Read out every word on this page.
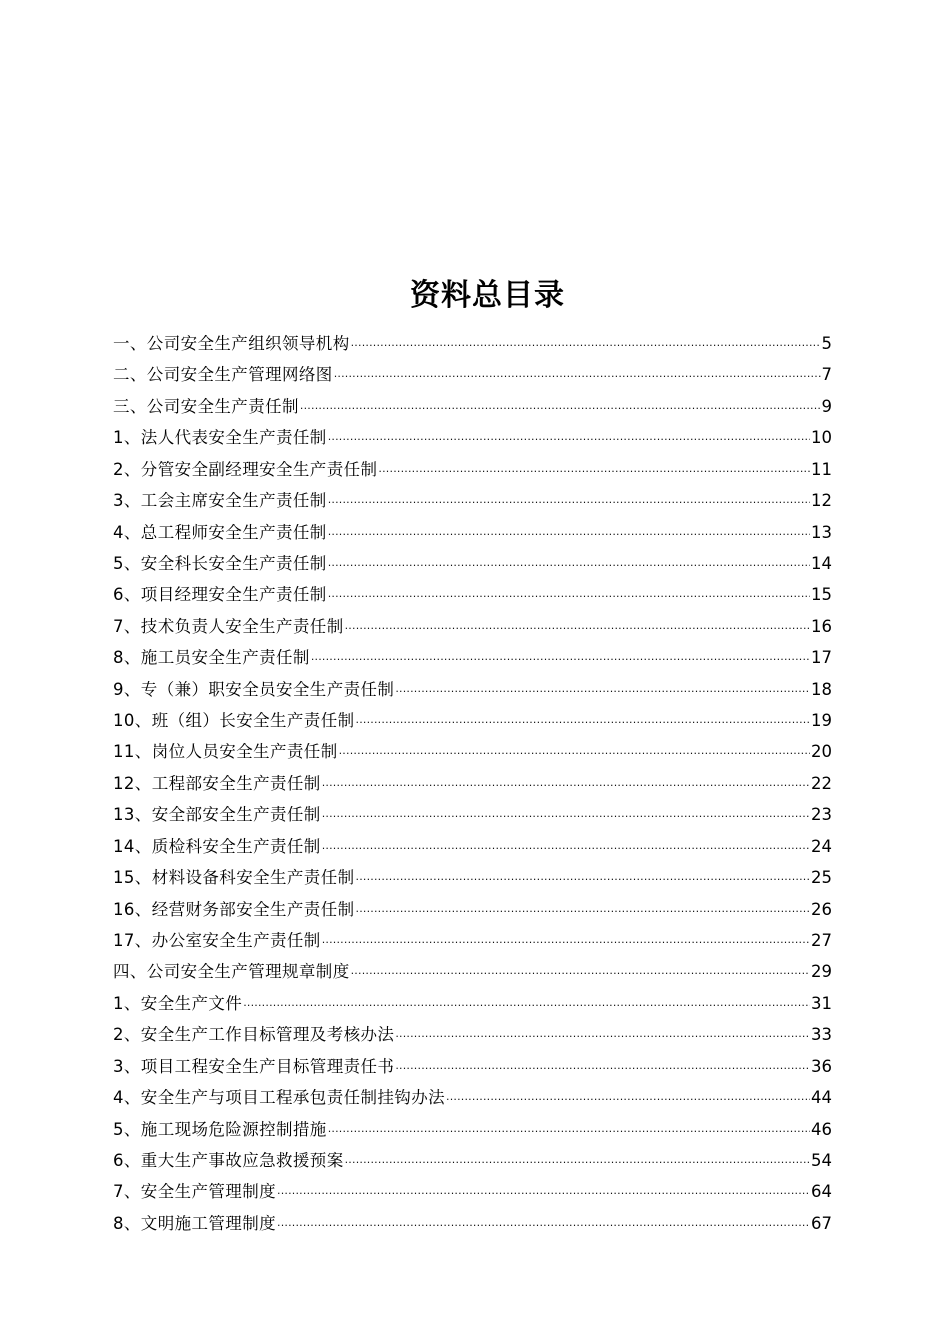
资料总目录
一、公司安全生产组织领导机构 ·····	5
二、公司安全生产管理网络图 ·····	7
三、公司安全生产责任制 ·····	9
1、法人代表安全生产责任制 ·····	10
2、分管安全副经理安全生产责任制 ·····	11
3、工会主席安全生产责任制 ·····	12
4、总工程师安全生产责任制 ·····	13
5、安全科长安全生产责任制 ·····	14
6、项目经理安全生产责任制 ·····	15
7、技术负责人安全生产责任制 ·····	16
8、施工员安全生产责任制 ·····	17
9、专（兼）职安全员安全生产责任制 ·····	18
10、班（组）长安全生产责任制 ·····	19
11、岗位人员安全生产责任制 ·····	20
12、工程部安全生产责任制 ·····	22
13、安全部安全生产责任制 ·····	23
14、质检科安全生产责任制 ·····	24
15、材料设备科安全生产责任制 ·····	25
16、经营财务部安全生产责任制 ·····	26
17、办公室安全生产责任制 ·····	27
四、公司安全生产管理规章制度 ·····	29
1、安全生产文件 ·····	31
2、安全生产工作目标管理及考核办法 ·····	33
3、项目工程安全生产目标管理责任书 ·····	36
4、安全生产与项目工程承包责任制挂钩办法 ·····	44
5、施工现场危险源控制措施 ·····	46
6、重大生产事故应急救援预案 ·····	54
7、安全生产管理制度 ·····	64
8、文明施工管理制度 ·····	67
